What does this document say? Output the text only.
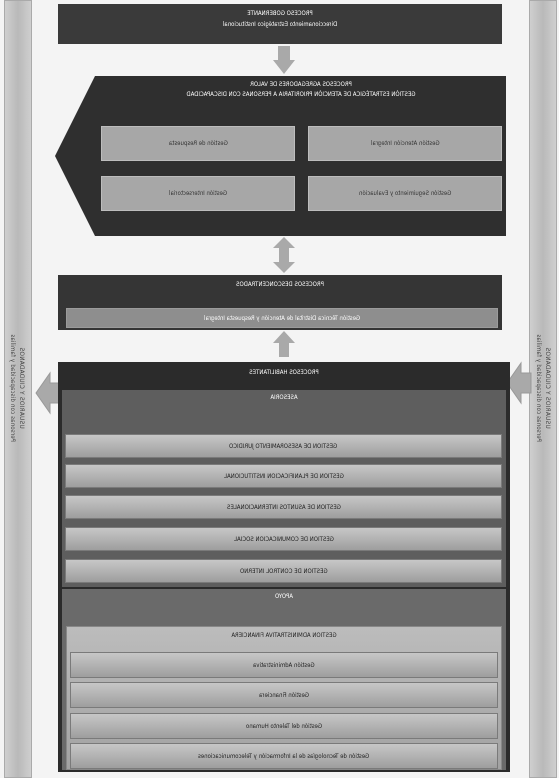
USUARIOS Y CIUDADANOS
Personas con discapacidad y familias	USUARIOS Y CIUDADANOS
Personas con discapacidad y familias
PROCESO GOBERNANTE
Direccionamiento Estratégico Institucional
PROCESOS AGREGADORES DE VALOR
GESTIÓN ESTRATÉGICA DE ATENCIÓN PRIORITARIA A PERSONAS CON DISCAPACIDAD
Gestión de Respuesta	Gestión Atención Integral
Gestión Intersectorial	Gestión Seguimiento y Evaluación
PROCESOS DESCONCENTRADOS
Gestión Técnica Distrital de Atención y Respuesta Integral
PROCESOS HABILITANTES
ASESORÍA
GESTIÓN DE ASESORAMIENTO JURÍDICO
GESTIÓN DE PLANIFICACIÓN INSTITUCIONAL
GESTIÓN DE ASUNTOS INTERNACIONALES
GESTIÓN DE COMUNICACIÓN SOCIAL
GESTIÓN DE CONTROL INTERNO
APOYO
GESTIÓN ADMINISTRATIVA FINANCIERA
Gestión Administrativa
Gestión Financiera
Gestión del Talento Humano
Gestión de Tecnologías de la Información y Telecomunicaciones
